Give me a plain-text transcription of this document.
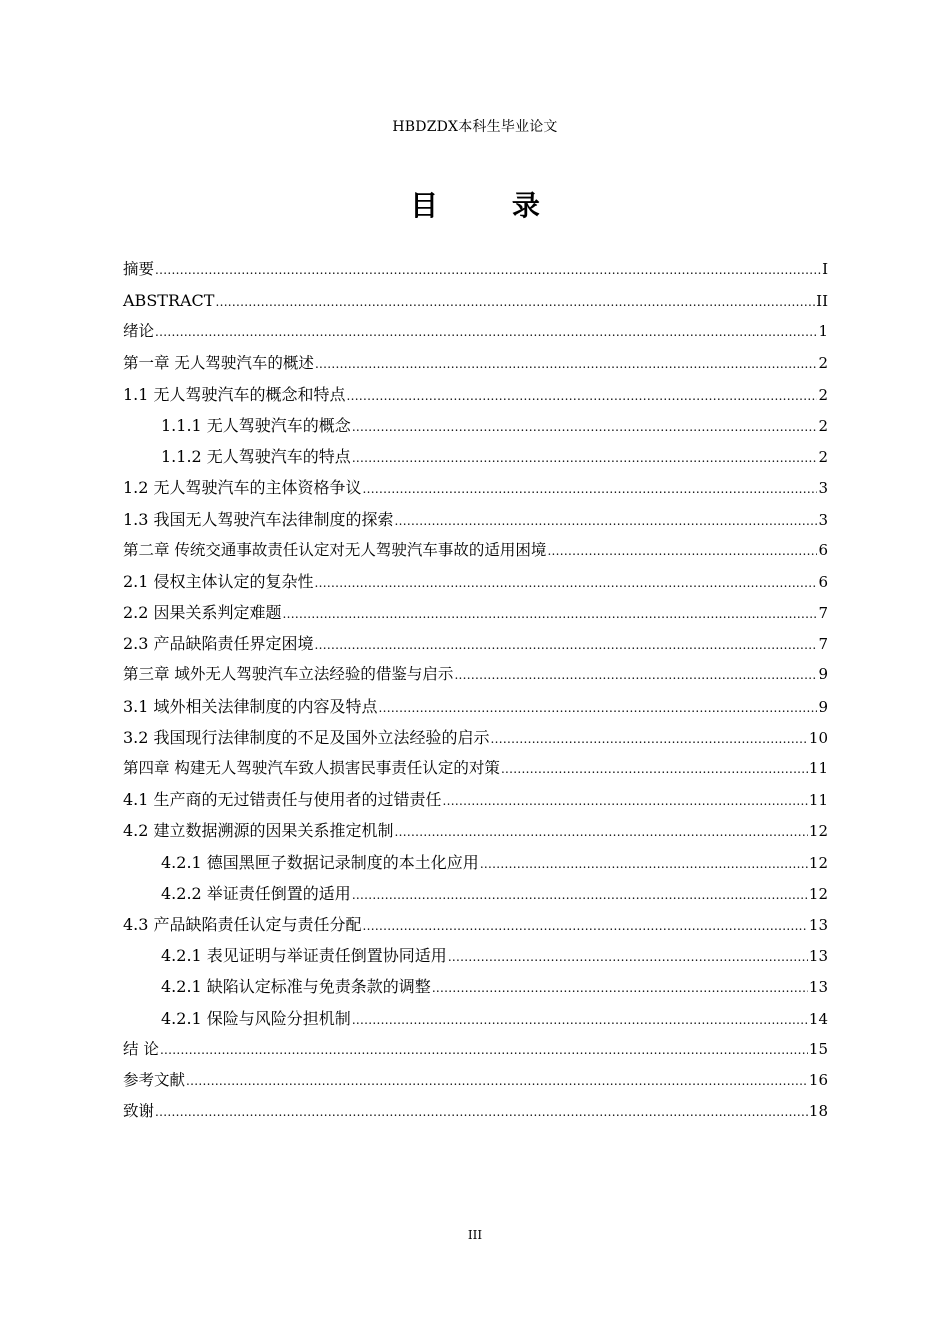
HBDZDX本科生毕业论文
目 录
摘要 .....	I
ABSTRACT .....	II
绪论 .....	1
第一章 无人驾驶汽车的概述 .....	2
1.1 无人驾驶汽车的概念和特点 .....	2
1.1.1 无人驾驶汽车的概念 .....	2
1.1.2 无人驾驶汽车的特点 .....	2
1.2 无人驾驶汽车的主体资格争议 .....	3
1.3 我国无人驾驶汽车法律制度的探索 .....	3
第二章 传统交通事故责任认定对无人驾驶汽车事故的适用困境 .....	6
2.1 侵权主体认定的复杂性 .....	6
2.2 因果关系判定难题 .....	7
2.3 产品缺陷责任界定困境 .....	7
第三章 域外无人驾驶汽车立法经验的借鉴与启示 .....	9
3.1 域外相关法律制度的内容及特点 .....	9
3.2 我国现行法律制度的不足及国外立法经验的启示 .....	10
第四章 构建无人驾驶汽车致人损害民事责任认定的对策 .....	11
4.1 生产商的无过错责任与使用者的过错责任 .....	11
4.2 建立数据溯源的因果关系推定机制 .....	12
4.2.1 德国黑匣子数据记录制度的本土化应用 .....	12
4.2.2 举证责任倒置的适用 .....	12
4.3 产品缺陷责任认定与责任分配 .....	13
4.2.1 表见证明与举证责任倒置协同适用 .....	13
4.2.1 缺陷认定标准与免责条款的调整 .....	13
4.2.1 保险与风险分担机制 .....	14
结 论 .....	15
参考文献 .....	16
致谢 .....	18
III
